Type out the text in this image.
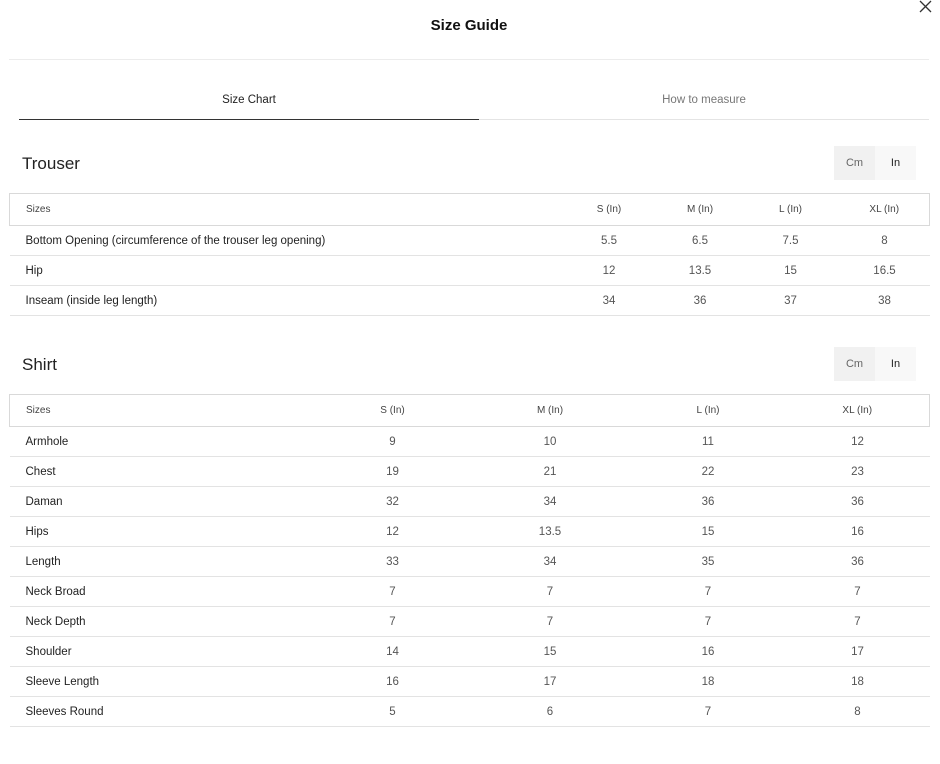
Size Guide
Size Chart	How to measure
Trouser	Cm	In
Sizes	S (In)	M (In)	L (In)	XL (In)
Bottom Opening (circumference of the trouser leg opening)	5.5	6.5	7.5	8
Hip	12	13.5	15	16.5
Inseam (inside leg length)	34	36	37	38
Shirt	Cm	In
Sizes	S (In)	M (In)	L (In)	XL (In)
Armhole	9	10	11	12
Chest	19	21	22	23
Daman	32	34	36	36
Hips	12	13.5	15	16
Length	33	34	35	36
Neck Broad	7	7	7	7
Neck Depth	7	7	7	7
Shoulder	14	15	16	17
Sleeve Length	16	17	18	18
Sleeves Round	5	6	7	8
